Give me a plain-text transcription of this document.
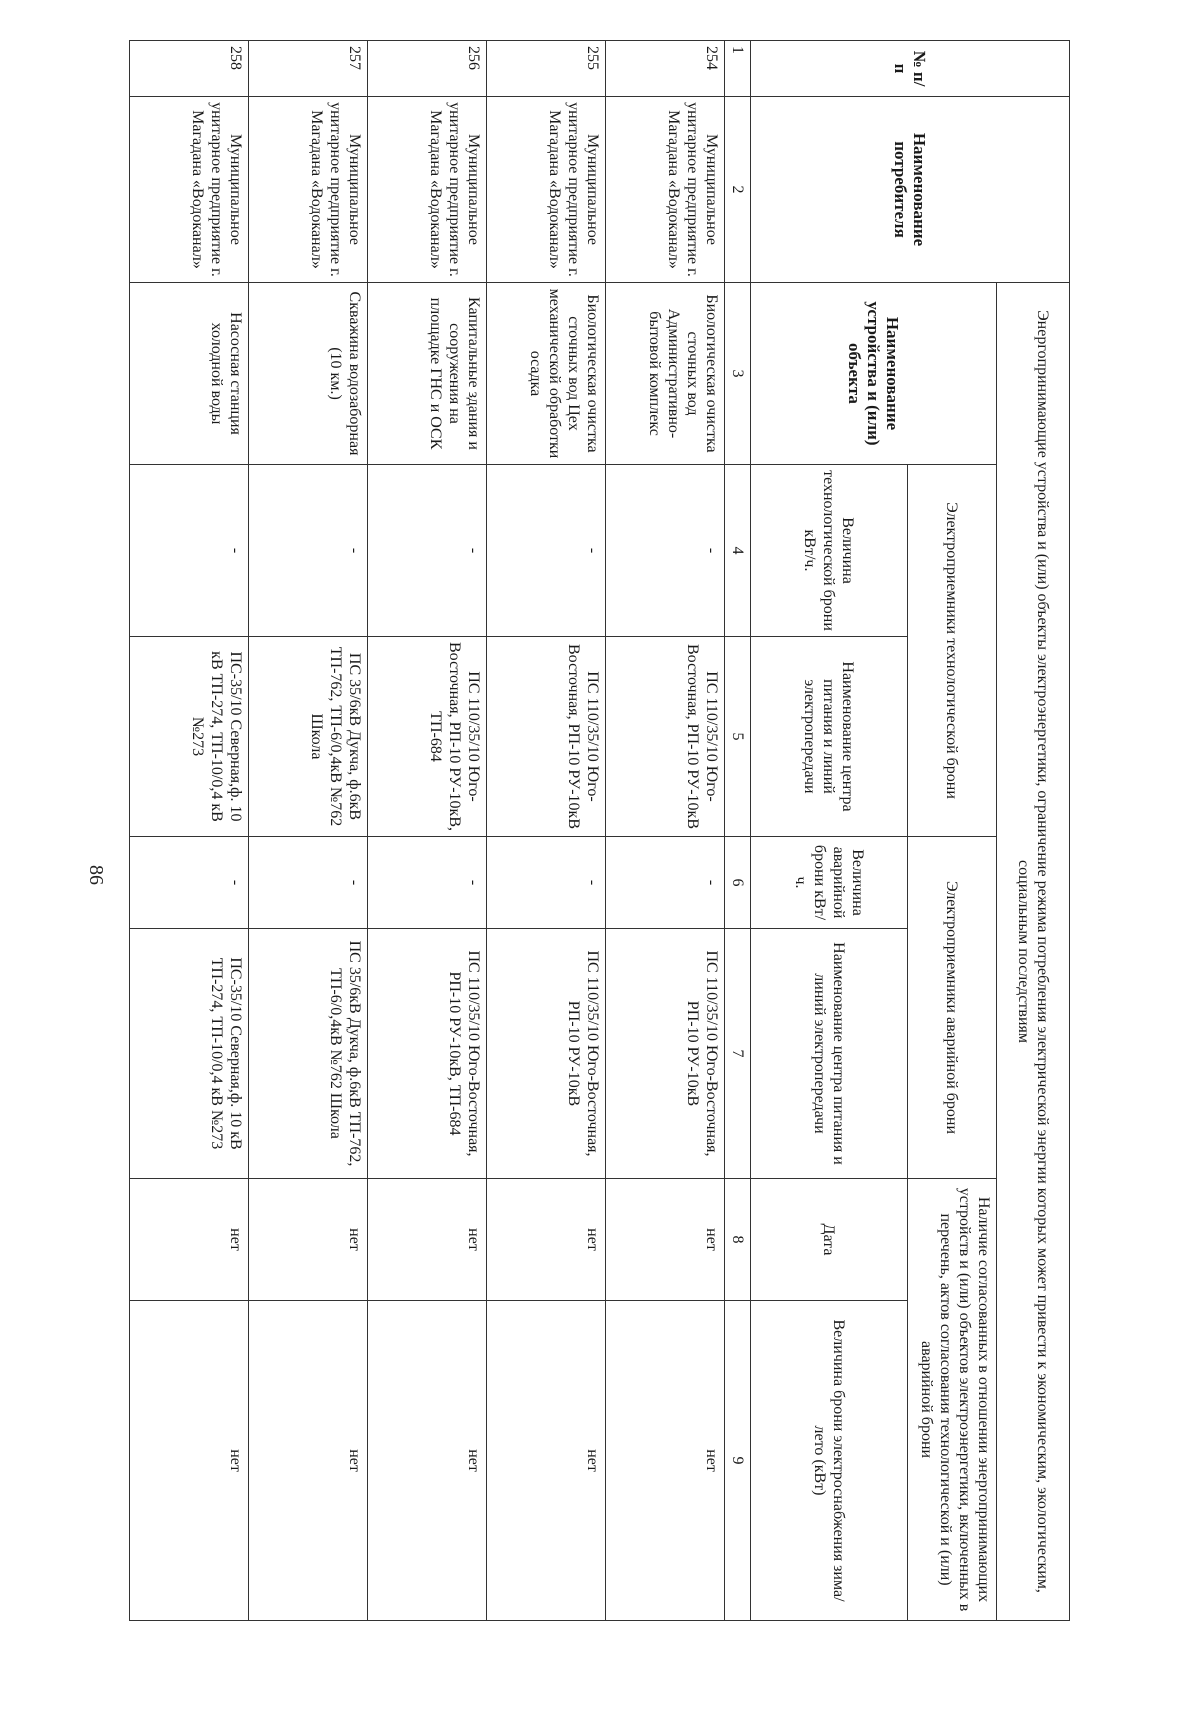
86
№ п/п	Наименование потребителя	Энергопринимающие устройства и (или) объекты электроэнергетики, ограничение режима потребления электрической энергии которых может привести к экономическим, экологическим, социальным последствиям						
		Наименование устройства и (или) объекта	Электроприемники технологической брони		Электроприемники аварийной брони		Наличие согласованных в отношении энергопринимающих устройств и (или) объектов электроэнергетики, включенных в перечень, актов согласования технологической и (или) аварийной брони	
			Величина технологической брони кВт/ч.	Наименование центра питания и линий электропередачи	Величина аварийной брони кВт/ч.	Наименование центра питания и линий электропередачи	Дата	Величина брони электроснабжения зима/лето (кВт)
1	2	3	4	5	6	7	8	9
254	Муниципальное унитарное предприятие г. Магадана «Водоканал»	Биологическая очистка сточных вод Административно-бытовой комплекс	-	ПС 110/35/10 Юго-Восточная, РП-10 РУ-10кВ	-	ПС 110/35/10 Юго-Восточная, РП-10 РУ-10кВ	нет	нет
255	Муниципальное унитарное предприятие г. Магадана «Водоканал»	Биологическая очистка сточных вод Цех механической обработки осадка	-	ПС 110/35/10 Юго-Восточная, РП-10 РУ-10кВ	-	ПС 110/35/10 Юго-Восточная, РП-10 РУ-10кВ	нет	нет
256	Муниципальное унитарное предприятие г. Магадана «Водоканал»	Капитальные здания и сооружения на площадке ГНС и ОСК	-	ПС 110/35/10 Юго-Восточная, РП-10 РУ-10кВ, ТП-684	-	ПС 110/35/10 Юго-Восточная, РП-10 РУ-10кВ, ТП-684	нет	нет
257	Муниципальное унитарное предприятие г. Магадана «Водоканал»	Скважина водозаборная (10 км.)	-	ПС 35/6кВ Дукча, ф.6кВ ТП-762, ТП-6/0,4кВ №762 Школа	-	ПС 35/6кВ Дукча, ф.6кВ ТП-762, ТП-6/0,4кВ №762 Школа	нет	нет
258	Муниципальное унитарное предприятие г. Магадана «Водоканал»	Насосная станция холодной воды	-	ПС-35/10 Северная,ф. 10 кВ ТП-274, ТП-10/0,4 кВ №273	-	ПС-35/10 Северная,ф. 10 кВ ТП-274, ТП-10/0,4 кВ №273	нет	нет
